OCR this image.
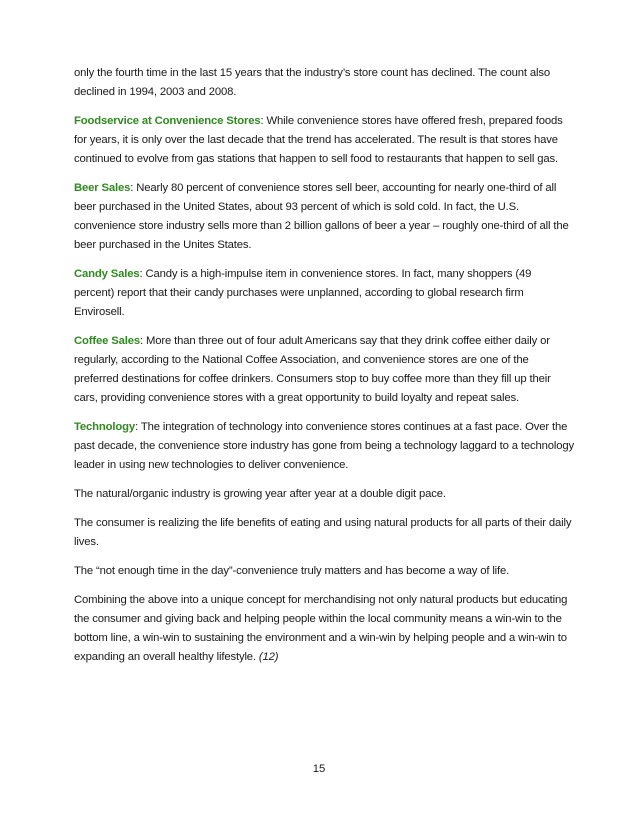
only the fourth time in the last 15 years that the industry’s store count has declined. The count also declined in 1994, 2003 and 2008.

Foodservice at Convenience Stores: While convenience stores have offered fresh, prepared foods for years, it is only over the last decade that the trend has accelerated. The result is that stores have continued to evolve from gas stations that happen to sell food to restaurants that happen to sell gas.

Beer Sales: Nearly 80 percent of convenience stores sell beer, accounting for nearly one-third of all beer purchased in the United States, about 93 percent of which is sold cold. In fact, the U.S. convenience store industry sells more than 2 billion gallons of beer a year – roughly one-third of all the beer purchased in the Unites States.

Candy Sales: Candy is a high-impulse item in convenience stores. In fact, many shoppers (49 percent) report that their candy purchases were unplanned, according to global research firm Envirosell.

Coffee Sales: More than three out of four adult Americans say that they drink coffee either daily or regularly, according to the National Coffee Association, and convenience stores are one of the preferred destinations for coffee drinkers. Consumers stop to buy coffee more than they fill up their cars, providing convenience stores with a great opportunity to build loyalty and repeat sales.

Technology: The integration of technology into convenience stores continues at a fast pace. Over the past decade, the convenience store industry has gone from being a technology laggard to a technology leader in using new technologies to deliver convenience.

The natural/organic industry is growing year after year at a double digit pace.

The consumer is realizing the life benefits of eating and using natural products for all parts of their daily lives.

The “not enough time in the day”-convenience truly matters and has become a way of life.

Combining the above into a unique concept for merchandising not only natural products but educating the consumer and giving back and helping people within the local community means a win-win to the bottom line, a win-win to sustaining the environment and a win-win by helping people and a win-win to expanding an overall healthy lifestyle. (12)

15
